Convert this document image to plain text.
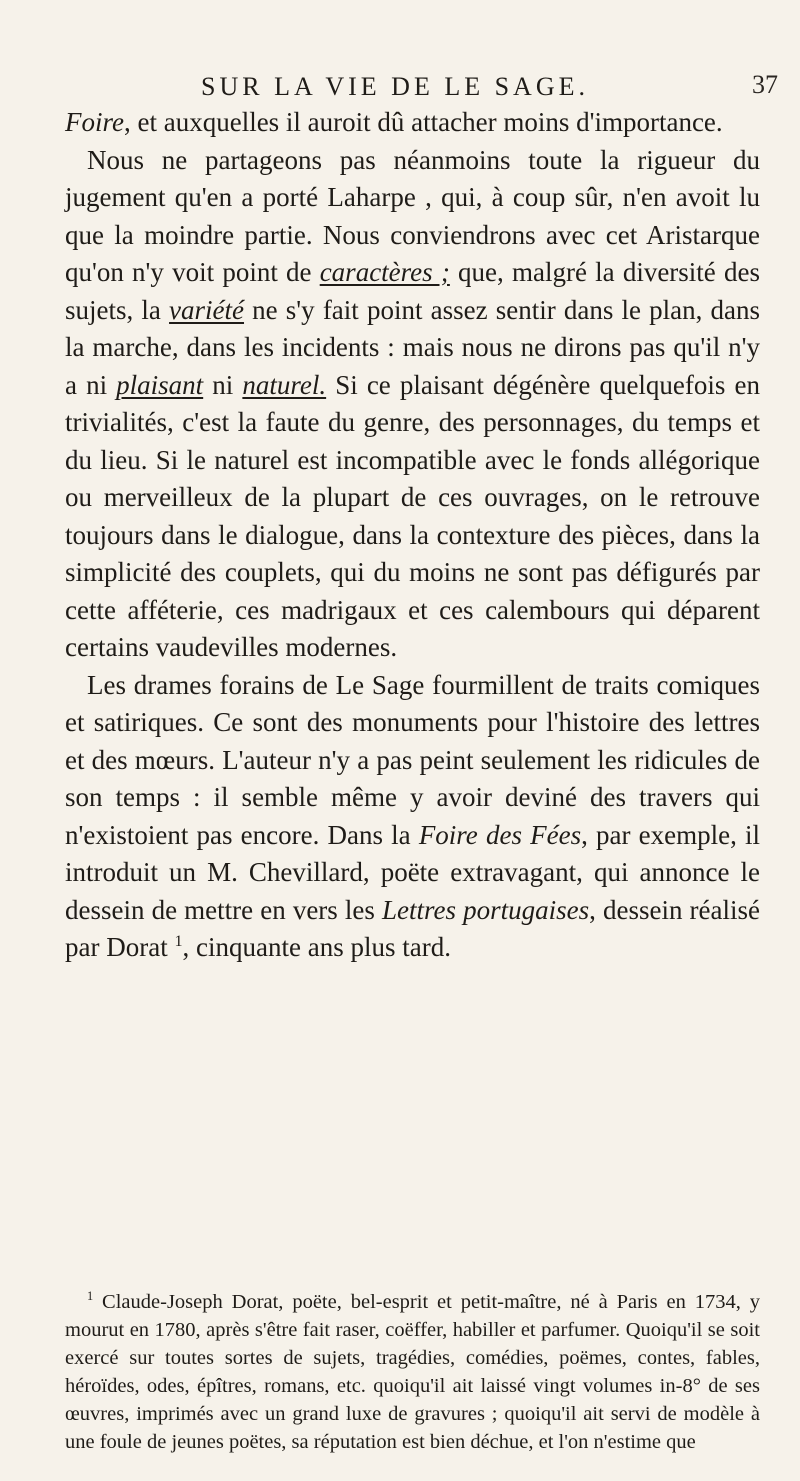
SUR LA VIE DE LE SAGE.	37

Foire, et auxquelles il auroit dû attacher moins d'importance.

Nous ne partageons pas néanmoins toute la rigueur du jugement qu'en a porté Laharpe , qui, à coup sûr, n'en avoit lu que la moindre partie. Nous conviendrons avec cet Aristarque qu'on n'y voit point de caractères ; que, malgré la diversité des sujets, la variété ne s'y fait point assez sentir dans le plan, dans la marche, dans les incidents : mais nous ne dirons pas qu'il n'y a ni plaisant ni naturel. Si ce plaisant dégénère quelquefois en trivialités, c'est la faute du genre, des personnages, du temps et du lieu. Si le naturel est incompatible avec le fonds allégorique ou merveilleux de la plupart de ces ouvrages, on le retrouve toujours dans le dialogue, dans la contexture des pièces, dans la simplicité des couplets, qui du moins ne sont pas défigurés par cette afféterie, ces madrigaux et ces calembours qui déparent certains vaudevilles modernes.

Les drames forains de Le Sage fourmillent de traits comiques et satiriques. Ce sont des monuments pour l'histoire des lettres et des mœurs. L'auteur n'y a pas peint seulement les ridicules de son temps : il semble même y avoir deviné des travers qui n'existoient pas encore. Dans la Foire des Fées, par exemple, il introduit un M. Chevillard, poëte extravagant, qui annonce le dessein de mettre en vers les Lettres portugaises, dessein réalisé par Dorat $^1$, cinquante ans plus tard.

$^1$ Claude-Joseph Dorat, poëte, bel-esprit et petit-maître, né à Paris en 1734, y mourut en 1780, après s'être fait raser, coëffer, habiller et parfumer. Quoiqu'il se soit exercé sur toutes sortes de sujets, tragédies, comédies, poëmes, contes, fables, héroïdes, odes, épîtres, romans, etc. quoiqu'il ait laissé vingt volumes in-8° de ses œuvres, imprimés avec un grand luxe de gravures ; quoiqu'il ait servi de modèle à une foule de jeunes poëtes, sa réputation est bien déchue, et l'on n'estime que
